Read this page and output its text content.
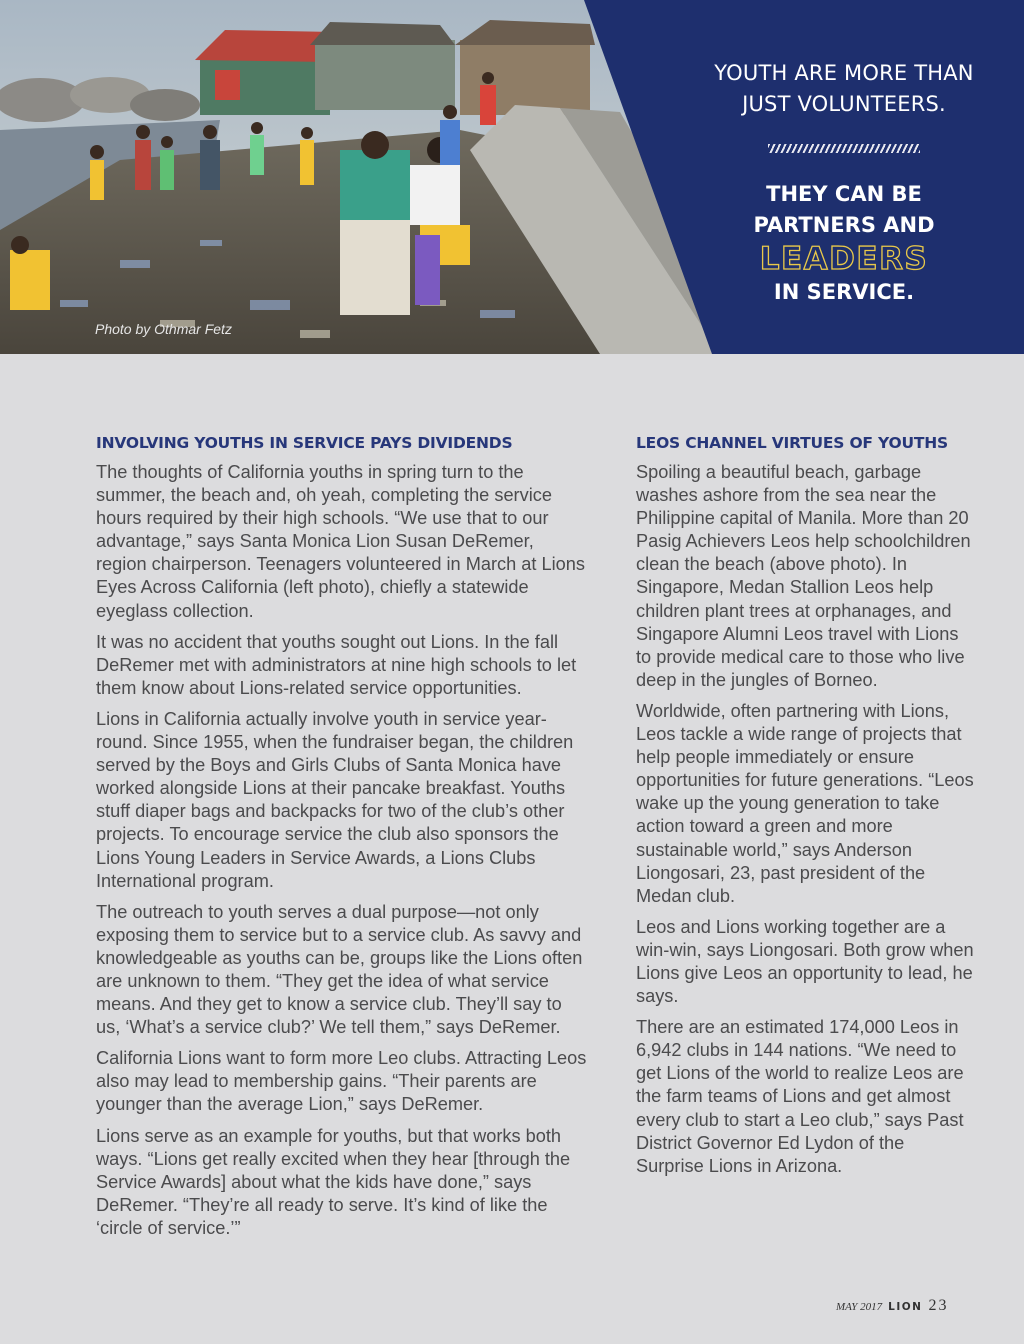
Photo by Othmar Fetz
YOUTH ARE MORE THAN
JUST VOLUNTEERS.
THEY CAN BE
PARTNERS AND
LEADERS
IN SERVICE.
INVOLVING YOUTHS IN SERVICE PAYS DIVIDENDS

The thoughts of California youths in spring turn to the summer, the beach and, oh yeah, completing the service hours required by their high schools. “We use that to our advantage,” says Santa Monica Lion Susan DeRemer, region chairperson. Teenagers volunteered in March at Lions Eyes Across California (left photo), chiefly a statewide eyeglass collection.

It was no accident that youths sought out Lions. In the fall DeRemer met with administrators at nine high schools to let them know about Lions-related service opportunities.

Lions in California actually involve youth in service year-round. Since 1955, when the fundraiser began, the children served by the Boys and Girls Clubs of Santa Monica have worked alongside Lions at their pancake breakfast. Youths stuff diaper bags and backpacks for two of the club’s other projects. To encourage service the club also sponsors the Lions Young Leaders in Service Awards, a Lions Clubs International program.

The outreach to youth serves a dual purpose—not only exposing them to service but to a service club. As savvy and knowledgeable as youths can be, groups like the Lions often are unknown to them. “They get the idea of what service means. And they get to know a service club. They’ll say to us, ‘What’s a service club?’ We tell them,” says DeRemer.

California Lions want to form more Leo clubs. Attracting Leos also may lead to membership gains. “Their parents are younger than the average Lion,” says DeRemer.

Lions serve as an example for youths, but that works both ways. “Lions get really excited when they hear [through the Service Awards] about what the kids have done,” says DeRemer. “They’re all ready to serve. It’s kind of like the ‘circle of service.’”

LEOS CHANNEL VIRTUES OF YOUTHS

Spoiling a beautiful beach, garbage washes ashore from the sea near the Philippine capital of Manila. More than 20 Pasig Achievers Leos help schoolchildren clean the beach (above photo). In Singapore, Medan Stallion Leos help children plant trees at orphanages, and Singapore Alumni Leos travel with Lions to provide medical care to those who live deep in the jungles of Borneo.

Worldwide, often partnering with Lions, Leos tackle a wide range of projects that help people immediately or ensure opportunities for future generations. “Leos wake up the young generation to take action toward a green and more sustainable world,” says Anderson Liongosari, 23, past president of the Medan club.

Leos and Lions working together are a win-win, says Liongosari. Both grow when Lions give Leos an opportunity to lead, he says.

There are an estimated 174,000 Leos in 6,942 clubs in 144 nations. “We need to get Lions of the world to realize Leos are the farm teams of Lions and get almost every club to start a Leo club,” says Past District Governor Ed Lydon of the Surprise Lions in Arizona.

MAY 2017 LION 23
